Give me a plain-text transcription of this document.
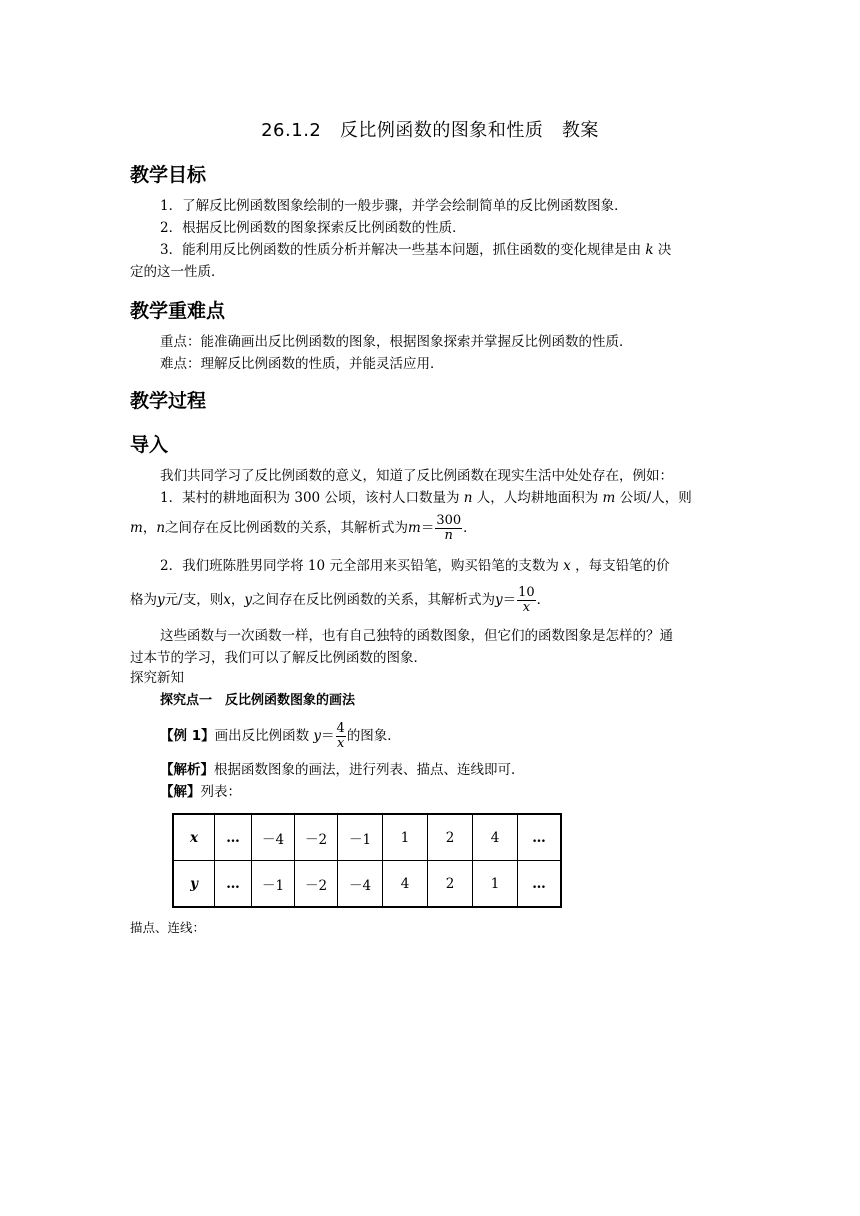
26.1.2　反比例函数的图象和性质　教案
教学目标
1．了解反比例函数图象绘制的一般步骤，并学会绘制简单的反比例函数图象．
2．根据反比例函数的图象探索反比例函数的性质．
3．能利用反比例函数的性质分析并解决一些基本问题，抓住函数的变化规律是由 k 决
定的这一性质．
教学重难点
重点：能准确画出反比例函数的图象，根据图象探索并掌握反比例函数的性质．
难点：理解反比例函数的性质，并能灵活应用．
教学过程
导入
我们共同学习了反比例函数的意义，知道了反比例函数在现实生活中处处存在，例如：
1．某村的耕地面积为 300 公顷，该村人口数量为 n 人，人均耕地面积为 m 公顷/人，则
m，n之间存在反比例函数的关系，其解析式为$m= \frac{300}{n}$ ．
2．我们班陈胜男同学将 10 元全部用来买铅笔，购买铅笔的支数为 x ，每支铅笔的价
格为y元/支，则x，y之间存在反比例函数的关系，其解析式为$y= \frac{10}{x}$ ．
这些函数与一次函数一样，也有自己独特的函数图象，但它们的函数图象是怎样的？通
过本节的学习，我们可以了解反比例函数的图象．
探究新知
探究点一　反比例函数图象的画法
【例 1】画出反比例函数 $y= \frac{4}{x}$ 的图象．
【解析】根据函数图象的画法，进行列表、描点、连线即可．
【解】列表：
x	…	－4	－2	－1	1	2	4	…
y	…	－1	－2	－4	4	2	1	…
描点、连线：
